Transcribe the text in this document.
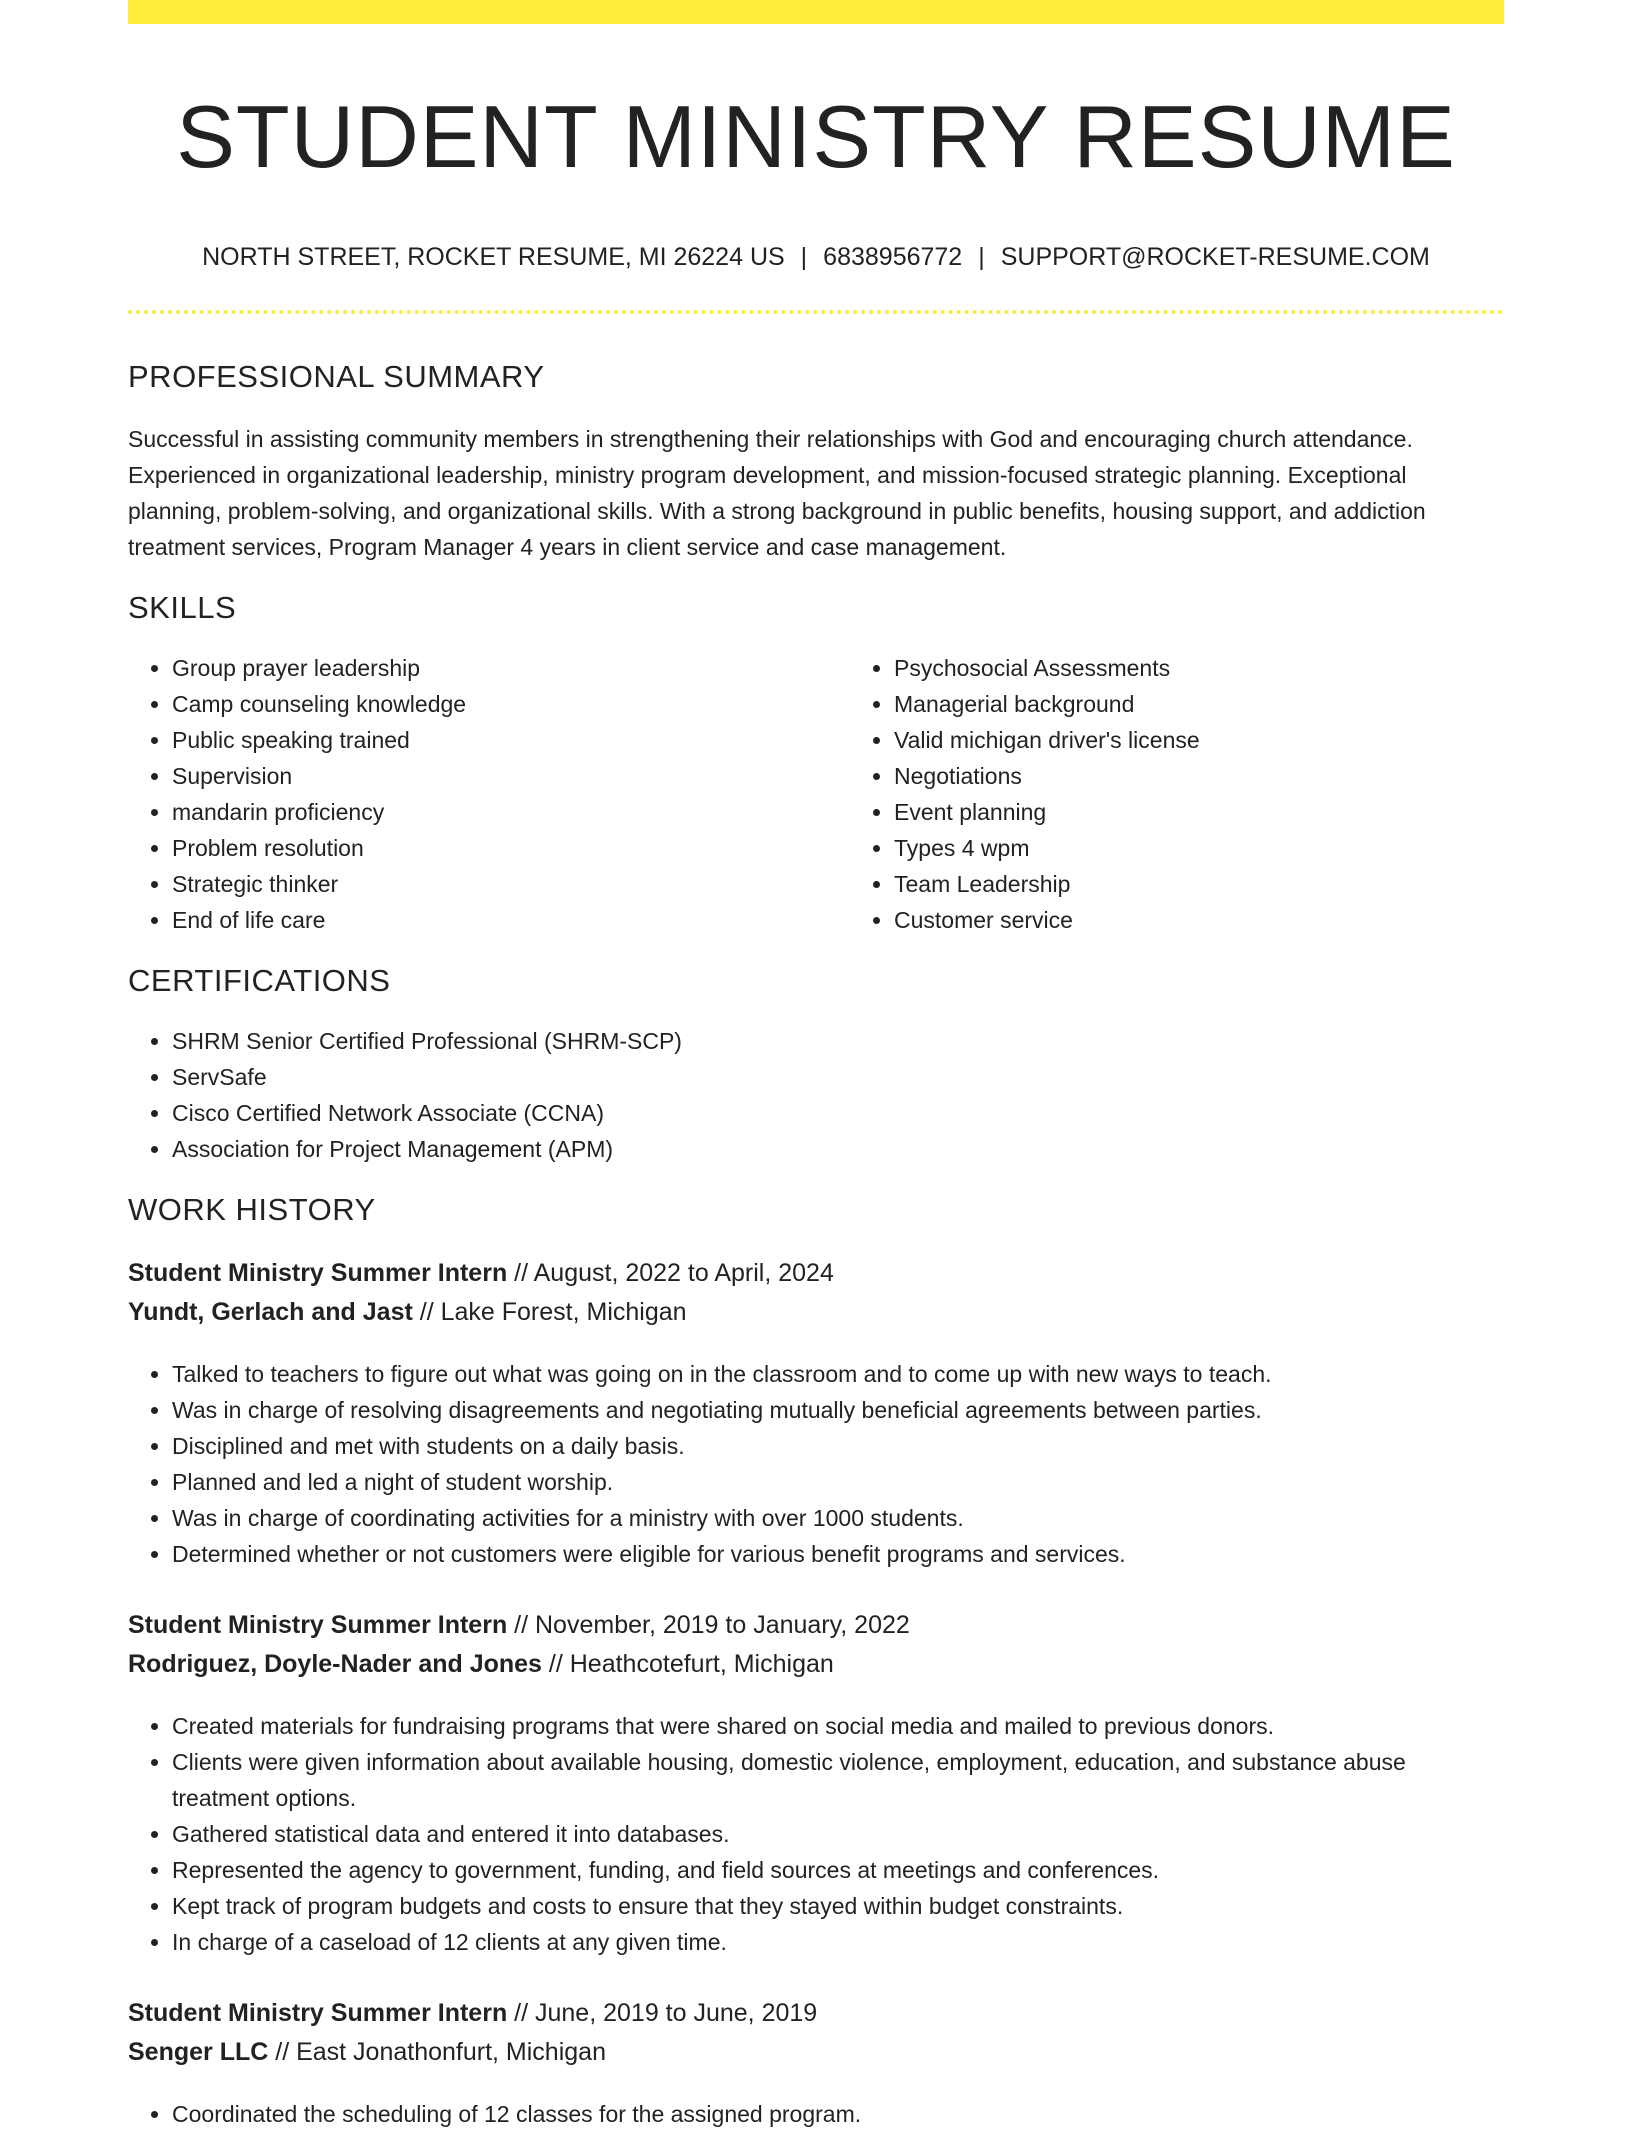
STUDENT MINISTRY RESUME
NORTH STREET, ROCKET RESUME, MI 26224 US | 6838956772 | SUPPORT@ROCKET-RESUME.COM
PROFESSIONAL SUMMARY

Successful in assisting community members in strengthening their relationships with God and encouraging church attendance. Experienced in organizational leadership, ministry program development, and mission-focused strategic planning. Exceptional planning, problem-solving, and organizational skills. With a strong background in public benefits, housing support, and addiction treatment services, Program Manager 4 years in client service and case management.

SKILLS
• Group prayer leadership
• Camp counseling knowledge
• Public speaking trained
• Supervision
• mandarin proficiency
• Problem resolution
• Strategic thinker
• End of life care
• Psychosocial Assessments
• Managerial background
• Valid michigan driver's license
• Negotiations
• Event planning
• Types 4 wpm
• Team Leadership
• Customer service
CERTIFICATIONS
• SHRM Senior Certified Professional (SHRM-SCP)
• ServSafe
• Cisco Certified Network Associate (CCNA)
• Association for Project Management (APM)
WORK HISTORY

Student Ministry Summer Intern // August, 2022 to April, 2024

Yundt, Gerlach and Jast // Lake Forest, Michigan

• Talked to teachers to figure out what was going on in the classroom and to come up with new ways to teach.
• Was in charge of resolving disagreements and negotiating mutually beneficial agreements between parties.
• Disciplined and met with students on a daily basis.
• Planned and led a night of student worship.
• Was in charge of coordinating activities for a ministry with over 1000 students.
• Determined whether or not customers were eligible for various benefit programs and services.

Student Ministry Summer Intern // November, 2019 to January, 2022

Rodriguez, Doyle-Nader and Jones // Heathcotefurt, Michigan

• Created materials for fundraising programs that were shared on social media and mailed to previous donors.
• Clients were given information about available housing, domestic violence, employment, education, and substance abuse treatment options.
• Gathered statistical data and entered it into databases.
• Represented the agency to government, funding, and field sources at meetings and conferences.
• Kept track of program budgets and costs to ensure that they stayed within budget constraints.
• In charge of a caseload of 12 clients at any given time.

Student Ministry Summer Intern // June, 2019 to June, 2019

Senger LLC // East Jonathonfurt, Michigan

• Coordinated the scheduling of 12 classes for the assigned program.
